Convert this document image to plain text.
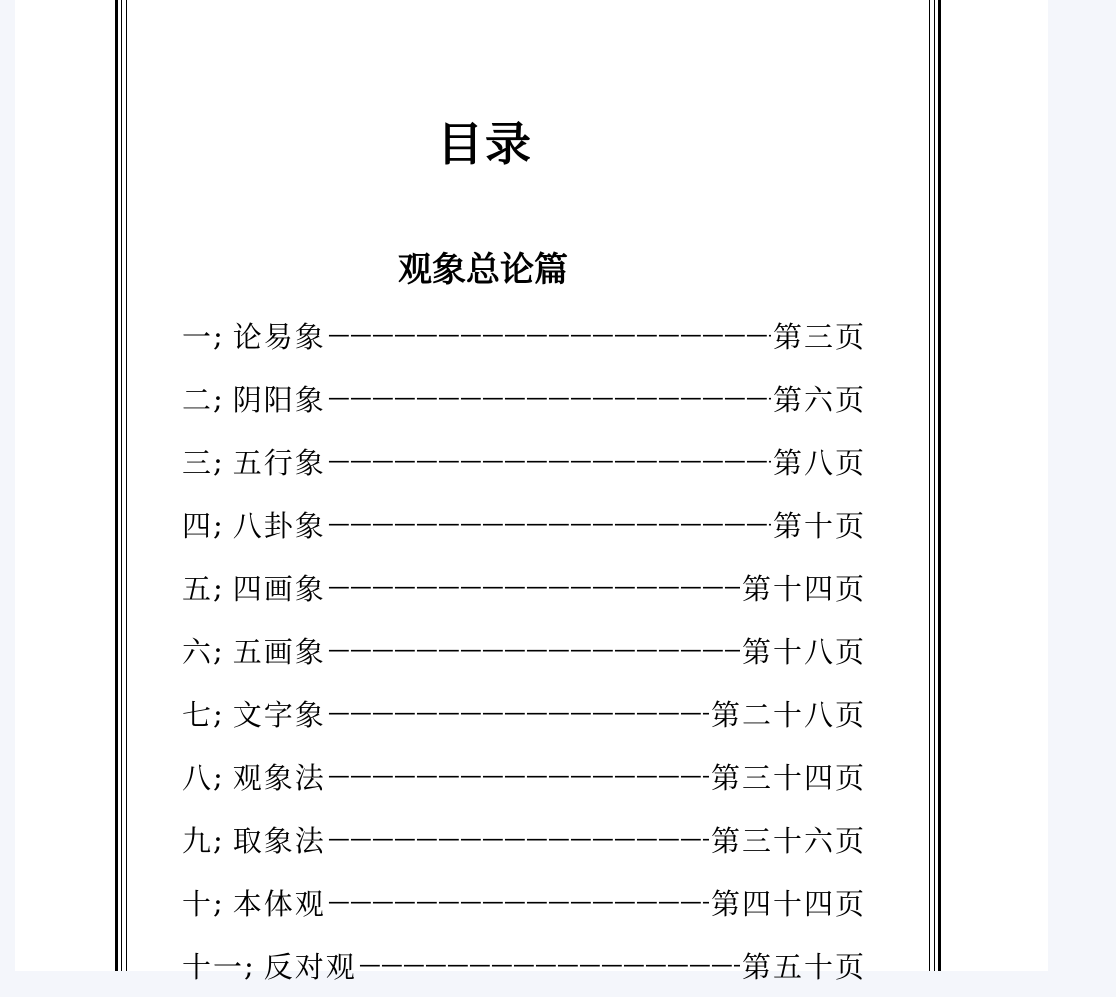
目录
观象总论篇
一 ; 论易象 —————	第三页
二 ; 阴阳象 —————	第六页
三 ; 五行象 —————	第八页
四 ; 八卦象 —————	第十页
五 ; 四画象 —————	第十四页
六 ; 五画象 —————	第十八页
七 ; 文字象 —————	第二十八页
八 ; 观象法 —————	第三十四页
九 ; 取象法 —————	第三十六页
十 ; 本体观 —————	第四十四页
十一 ; 反对观 —————	第五十页
